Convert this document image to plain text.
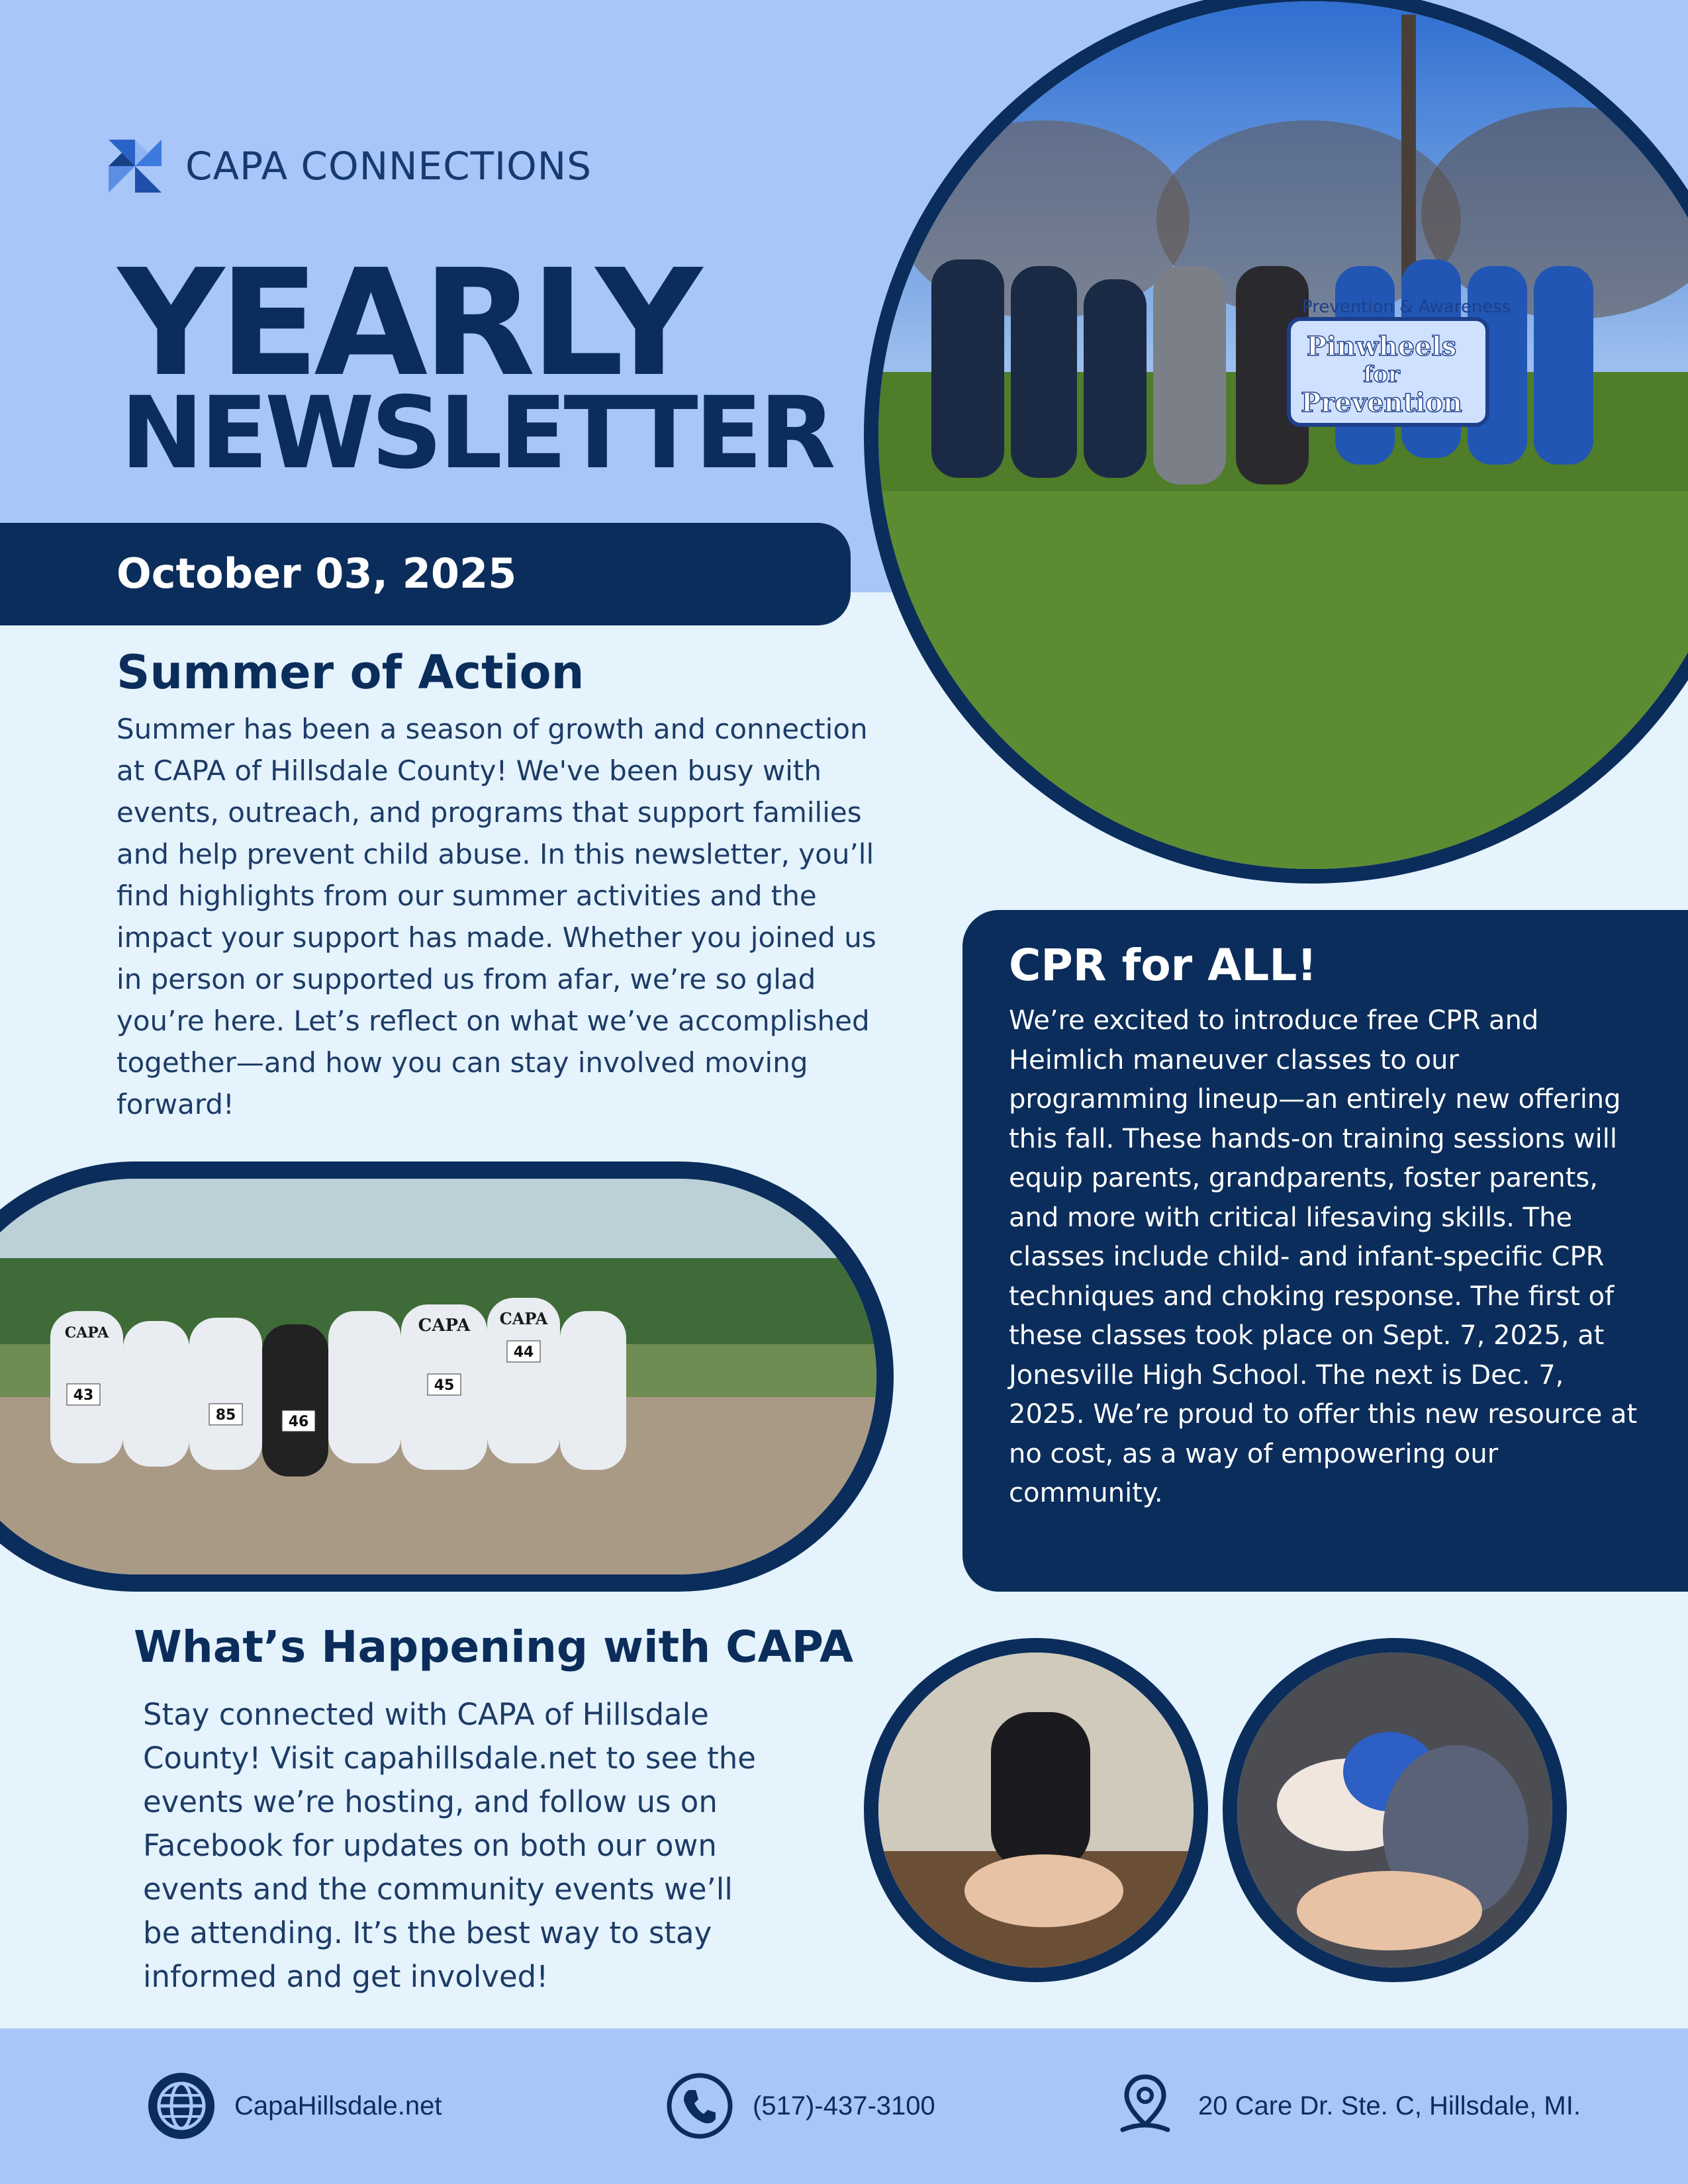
CAPA CONNECTIONS
YEARLY
NEWSLETTER
October 03, 2025
Summer of Action

Summer has been a season of growth and connection at CAPA of Hillsdale County! We've been busy with events, outreach, and programs that support families and help prevent child abuse. In this newsletter, you’ll find highlights from our summer activities and the impact your support has made. Whether you joined us in person or supported us from afar, we’re so glad you’re here. Let’s reflect on what we’ve accomplished together—and how you can stay involved moving forward!

Prevention & Awareness
Pinwheels
for
Prevention
CPR for ALL!

We’re excited to introduce free CPR and Heimlich maneuver classes to our programming lineup—an entirely new offering this fall. These hands-on training sessions will equip parents, grandparents, foster parents, and more with critical lifesaving skills. The classes include child- and infant-specific CPR techniques and choking response. The first of these classes took place on Sept. 7, 2025, at Jonesville High School. The next is Dec. 7, 2025. We’re proud to offer this new resource at no cost, as a way of empowering our community.

CAPA	CAPA CAPA
43
85	46
45
44
What’s Happening with CAPA

Stay connected with CAPA of Hillsdale County! Visit capahillsdale.net to see the events we’re hosting, and follow us on Facebook for updates on both our own events and the community events we’ll be attending. It’s the best way to stay informed and get involved!

CapaHillsdale.net	(517)-437-3100	20 Care Dr. Ste. C, Hillsdale, MI.
